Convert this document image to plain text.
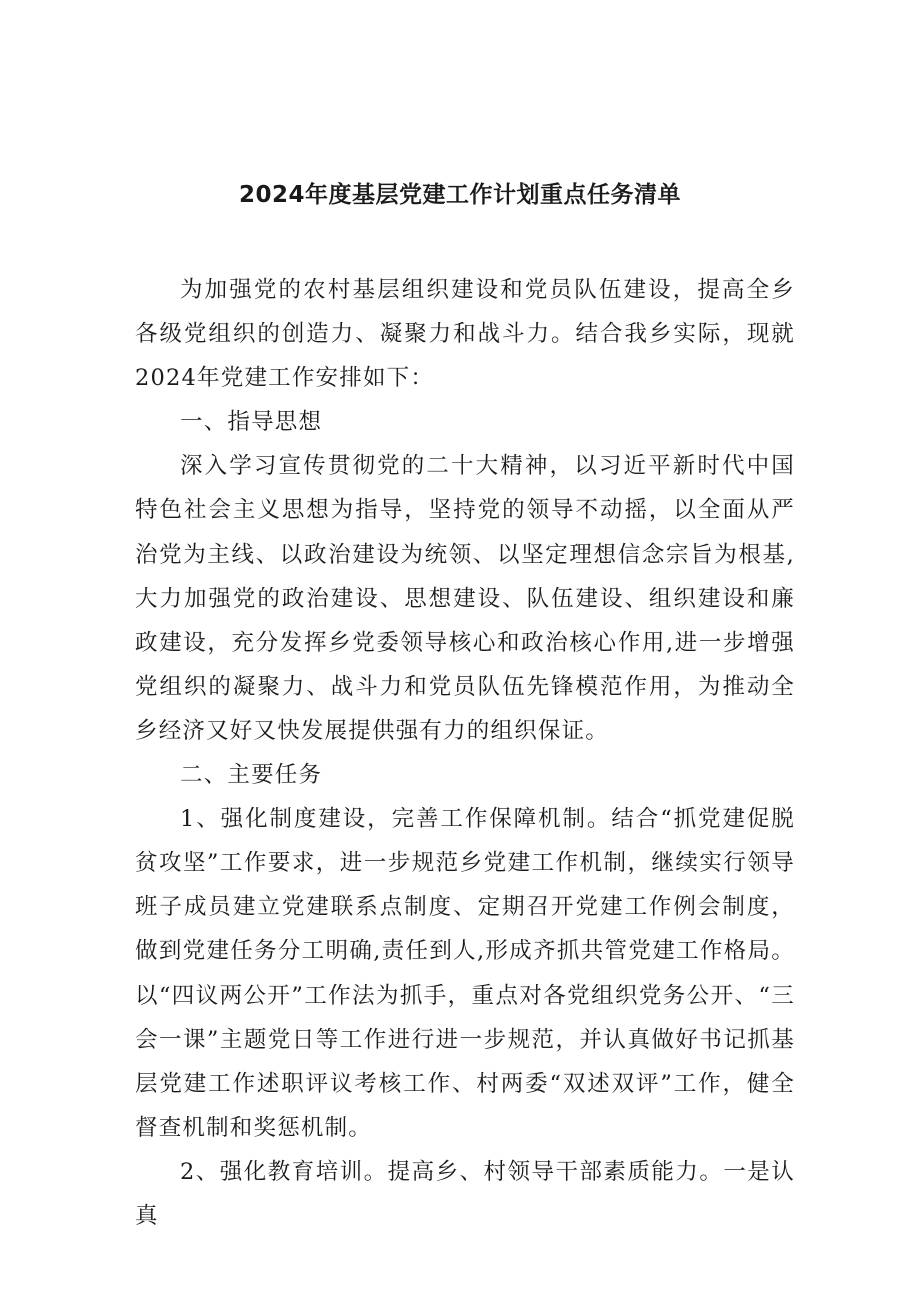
2024年度基层党建工作计划重点任务清单

为加强党的农村基层组织建设和党员队伍建设，提高全乡各级党组织的创造力、凝聚力和战斗力。结合我乡实际，现就2024年党建工作安排如下：

一、指导思想

深入学习宣传贯彻党的二十大精神，以习近平新时代中国特色社会主义思想为指导，坚持党的领导不动摇，以全面从严治党为主线、以政治建设为统领、以坚定理想信念宗旨为根基,大力加强党的政治建设、思想建设、队伍建设、组织建设和廉政建设，充分发挥乡党委领导核心和政治核心作用,进一步增强党组织的凝聚力、战斗力和党员队伍先锋模范作用，为推动全乡经济又好又快发展提供强有力的组织保证。

二、主要任务

1、强化制度建设，完善工作保障机制。结合“抓党建促脱贫攻坚”工作要求，进一步规范乡党建工作机制，继续实行领导班子成员建立党建联系点制度、定期召开党建工作例会制度，做到党建任务分工明确,责任到人,形成齐抓共管党建工作格局。以“四议两公开”工作法为抓手，重点对各党组织党务公开、“三会一课”主题党日等工作进行进一步规范，并认真做好书记抓基层党建工作述职评议考核工作、村两委“双述双评”工作，健全督查机制和奖惩机制。

2、强化教育培训。提高乡、村领导干部素质能力。一是认真
